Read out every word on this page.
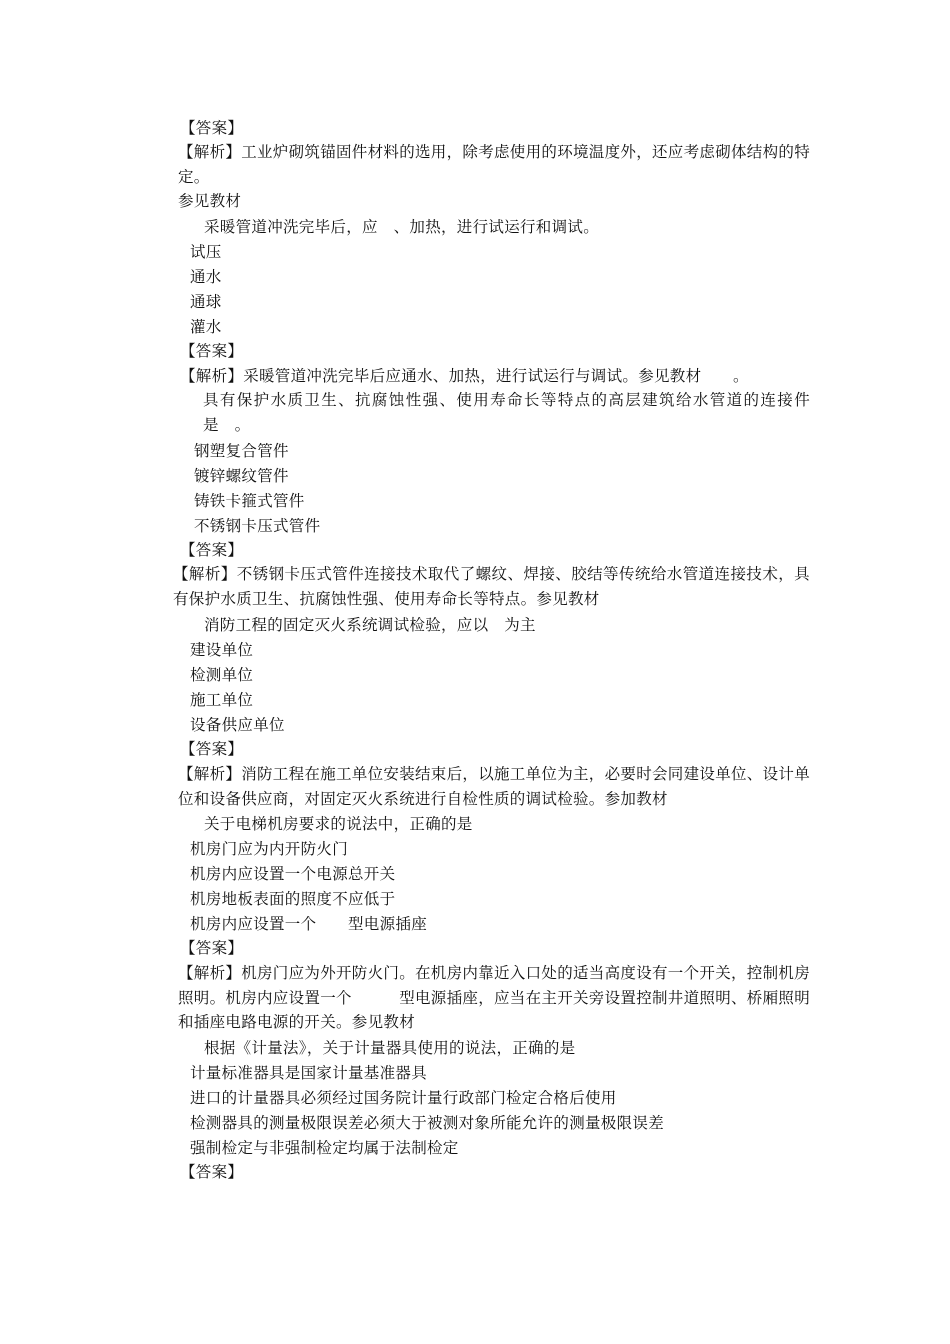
【答案】
【解析】工业炉砌筑锚固件材料的选用，除考虑使用的环境温度外，还应考虑砌体结构的特定。
参见教材
采暖管道冲洗完毕后，应　、加热，进行试运行和调试。
试压
通水
通球
灌水
【答案】
【解析】采暖管道冲洗完毕后应通水、加热，进行试运行与调试。参见教材　　。
具有保护水质卫生、抗腐蚀性强、使用寿命长等特点的高层建筑给水管道的连接件是　。
钢塑复合管件
镀锌螺纹管件
铸铁卡箍式管件
不锈钢卡压式管件
【答案】
【解析】不锈钢卡压式管件连接技术取代了螺纹、焊接、胶结等传统给水管道连接技术，具有保护水质卫生、抗腐蚀性强、使用寿命长等特点。参见教材
消防工程的固定灭火系统调试检验，应以　为主
建设单位
检测单位
施工单位
设备供应单位
【答案】
【解析】消防工程在施工单位安装结束后，以施工单位为主，必要时会同建设单位、设计单位和设备供应商，对固定灭火系统进行自检性质的调试检验。参加教材
关于电梯机房要求的说法中，正确的是
机房门应为内开防火门
机房内应设置一个电源总开关
机房地板表面的照度不应低于
机房内应设置一个　　型电源插座
【答案】
【解析】机房门应为外开防火门。在机房内靠近入口处的适当高度设有一个开关，控制机房照明。机房内应设置一个　　　型电源插座，应当在主开关旁设置控制井道照明、桥厢照明和插座电路电源的开关。参见教材
根据《计量法》，关于计量器具使用的说法，正确的是
计量标准器具是国家计量基准器具
进口的计量器具必须经过国务院计量行政部门检定合格后使用
检测器具的测量极限误差必须大于被测对象所能允许的测量极限误差
强制检定与非强制检定均属于法制检定
【答案】
